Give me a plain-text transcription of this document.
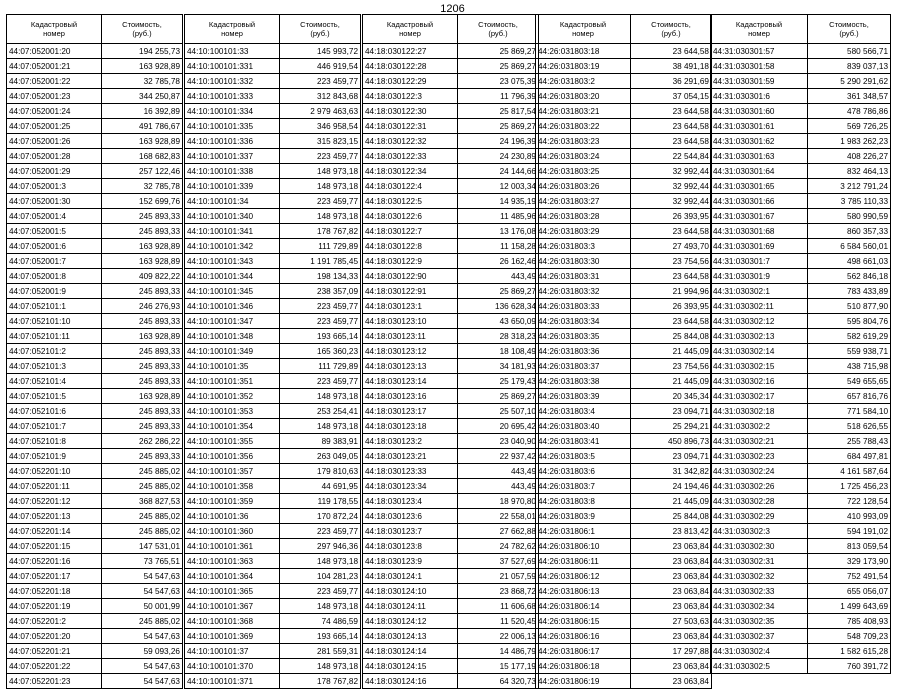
1206
Кадастровый
номер	Стоимость,
(руб.)

44:07:052001:20	194 255,73
44:07:052001:21	163 928,89
44:07:052001:22	32 785,78
44:07:052001:23	344 250,87
44:07:052001:24	16 392,89
44:07:052001:25	491 786,67
44:07:052001:26	163 928,89
44:07:052001:28	168 682,83
44:07:052001:29	257 122,46
44:07:052001:3	32 785,78
44:07:052001:30	152 699,76
44:07:052001:4	245 893,33
44:07:052001:5	245 893,33
44:07:052001:6	163 928,89
44:07:052001:7	163 928,89
44:07:052001:8	409 822,22
44:07:052001:9	245 893,33
44:07:052101:1	246 276,93
44:07:052101:10	245 893,33
44:07:052101:11	163 928,89
44:07:052101:2	245 893,33
44:07:052101:3	245 893,33
44:07:052101:4	245 893,33
44:07:052101:5	163 928,89
44:07:052101:6	245 893,33
44:07:052101:7	245 893,33
44:07:052101:8	262 286,22
44:07:052101:9	245 893,33
44:07:052201:10	245 885,02
44:07:052201:11	245 885,02
44:07:052201:12	368 827,53
44:07:052201:13	245 885,02
44:07:052201:14	245 885,02
44:07:052201:15	147 531,01
44:07:052201:16	73 765,51
44:07:052201:17	54 547,63
44:07:052201:18	54 547,63
44:07:052201:19	50 001,99
44:07:052201:2	245 885,02
44:07:052201:20	54 547,63
44:07:052201:21	59 093,26
44:07:052201:22	54 547,63
44:07:052201:23	54 547,63
Кадастровый
номер	Стоимость,
(руб.)

44:10:100101:33	145 993,72
44:10:100101:331	446 919,54
44:10:100101:332	223 459,77
44:10:100101:333	312 843,68
44:10:100101:334	2 979 463,63
44:10:100101:335	346 958,54
44:10:100101:336	315 823,15
44:10:100101:337	223 459,77
44:10:100101:338	148 973,18
44:10:100101:339	148 973,18
44:10:100101:34	223 459,77
44:10:100101:340	148 973,18
44:10:100101:341	178 767,82
44:10:100101:342	111 729,89
44:10:100101:343	1 191 785,45
44:10:100101:344	198 134,33
44:10:100101:345	238 357,09
44:10:100101:346	223 459,77
44:10:100101:347	223 459,77
44:10:100101:348	193 665,14
44:10:100101:349	165 360,23
44:10:100101:35	111 729,89
44:10:100101:351	223 459,77
44:10:100101:352	148 973,18
44:10:100101:353	253 254,41
44:10:100101:354	148 973,18
44:10:100101:355	89 383,91
44:10:100101:356	263 049,05
44:10:100101:357	179 810,63
44:10:100101:358	44 691,95
44:10:100101:359	119 178,55
44:10:100101:36	170 872,24
44:10:100101:360	223 459,77
44:10:100101:361	297 946,36
44:10:100101:363	148 973,18
44:10:100101:364	104 281,23
44:10:100101:365	223 459,77
44:10:100101:367	148 973,18
44:10:100101:368	74 486,59
44:10:100101:369	193 665,14
44:10:100101:37	281 559,31
44:10:100101:370	148 973,18
44:10:100101:371	178 767,82
Кадастровый
номер	Стоимость,
(руб.)

44:18:030122:27	25 869,27
44:18:030122:28	25 869,27
44:18:030122:29	23 075,39
44:18:030122:3	11 796,39
44:18:030122:30	25 817,54
44:18:030122:31	25 869,27
44:18:030122:32	24 196,39
44:18:030122:33	24 230,89
44:18:030122:34	24 144,66
44:18:030122:4	12 003,34
44:18:030122:5	14 935,19
44:18:030122:6	11 485,96
44:18:030122:7	13 176,08
44:18:030122:8	11 158,28
44:18:030122:9	26 162,46
44:18:030122:90	443,49
44:18:030122:91	25 869,27
44:18:030123:1	136 628,34
44:18:030123:10	43 650,09
44:18:030123:11	28 318,23
44:18:030123:12	18 108,49
44:18:030123:13	34 181,93
44:18:030123:14	25 179,43
44:18:030123:16	25 869,27
44:18:030123:17	25 507,10
44:18:030123:18	20 695,42
44:18:030123:2	23 040,90
44:18:030123:21	22 937,42
44:18:030123:33	443,49
44:18:030123:34	443,49
44:18:030123:4	18 970,80
44:18:030123:6	22 558,01
44:18:030123:7	27 662,88
44:18:030123:8	24 782,62
44:18:030123:9	37 527,69
44:18:030124:1	21 057,59
44:18:030124:10	23 868,72
44:18:030124:11	11 606,68
44:18:030124:12	11 520,45
44:18:030124:13	22 006,13
44:18:030124:14	14 486,79
44:18:030124:15	15 177,19
44:18:030124:16	64 320,73
Кадастровый
номер	Стоимость,
(руб.)

44:26:031803:18	23 644,58
44:26:031803:19	38 491,18
44:26:031803:2	36 291,69
44:26:031803:20	37 054,15
44:26:031803:21	23 644,58
44:26:031803:22	23 644,58
44:26:031803:23	23 644,58
44:26:031803:24	22 544,84
44:26:031803:25	32 992,44
44:26:031803:26	32 992,44
44:26:031803:27	32 992,44
44:26:031803:28	26 393,95
44:26:031803:29	23 644,58
44:26:031803:3	27 493,70
44:26:031803:30	23 754,56
44:26:031803:31	23 644,58
44:26:031803:32	21 994,96
44:26:031803:33	26 393,95
44:26:031803:34	23 644,58
44:26:031803:35	25 844,08
44:26:031803:36	21 445,09
44:26:031803:37	23 754,56
44:26:031803:38	21 445,09
44:26:031803:39	20 345,34
44:26:031803:4	23 094,71
44:26:031803:40	25 294,21
44:26:031803:41	450 896,73
44:26:031803:5	23 094,71
44:26:031803:6	31 342,82
44:26:031803:7	24 194,46
44:26:031803:8	21 445,09
44:26:031803:9	25 844,08
44:26:031806:1	23 813,42
44:26:031806:10	23 063,84
44:26:031806:11	23 063,84
44:26:031806:12	23 063,84
44:26:031806:13	23 063,84
44:26:031806:14	23 063,84
44:26:031806:15	27 503,63
44:26:031806:16	23 063,84
44:26:031806:17	17 297,88
44:26:031806:18	23 063,84
44:26:031806:19	23 063,84
Кадастровый
номер	Стоимость,
(руб.)

44:31:030301:57	580 566,71
44:31:030301:58	839 037,13
44:31:030301:59	5 290 291,62
44:31:030301:6	361 348,57
44:31:030301:60	478 786,86
44:31:030301:61	569 726,25
44:31:030301:62	1 983 262,23
44:31:030301:63	408 226,27
44:31:030301:64	832 464,13
44:31:030301:65	3 212 791,24
44:31:030301:66	3 785 110,33
44:31:030301:67	580 990,59
44:31:030301:68	860 357,33
44:31:030301:69	6 584 560,01
44:31:030301:7	498 661,03
44:31:030301:9	562 846,18
44:31:030302:1	783 433,89
44:31:030302:11	510 877,90
44:31:030302:12	595 804,76
44:31:030302:13	582 619,29
44:31:030302:14	559 938,71
44:31:030302:15	438 715,98
44:31:030302:16	549 655,65
44:31:030302:17	657 816,76
44:31:030302:18	771 584,10
44:31:030302:2	518 626,55
44:31:030302:21	255 788,43
44:31:030302:23	684 497,81
44:31:030302:24	4 161 587,64
44:31:030302:26	1 725 456,23
44:31:030302:28	722 128,54
44:31:030302:29	410 993,09
44:31:030302:3	594 191,02
44:31:030302:30	813 059,54
44:31:030302:31	329 173,90
44:31:030302:32	752 491,54
44:31:030302:33	655 056,07
44:31:030302:34	1 499 643,69
44:31:030302:35	785 408,93
44:31:030302:37	548 709,23
44:31:030302:4	1 582 615,28
44:31:030302:5	760 391,72
